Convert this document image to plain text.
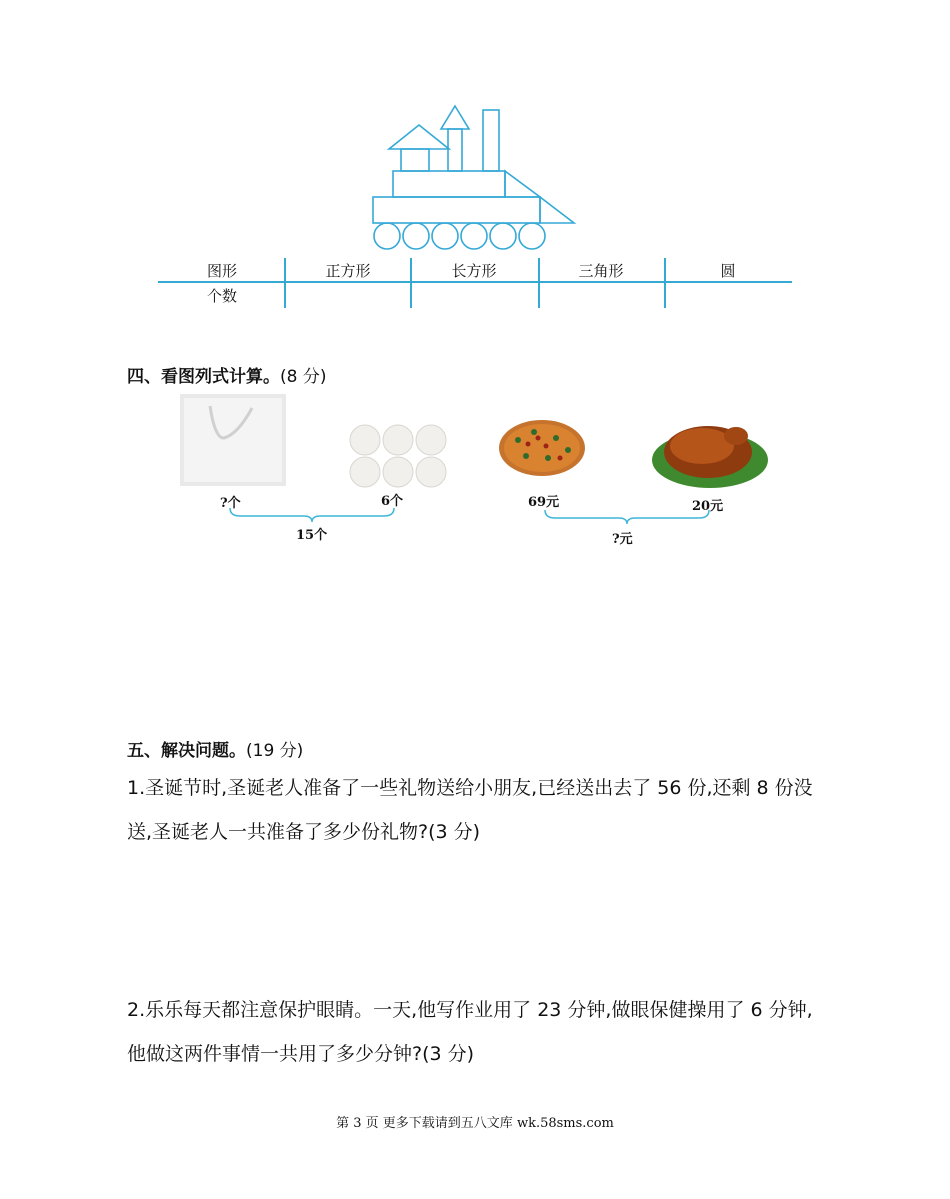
图形	正方形	长方形	三角形	圆
个数
四、看图列式计算。(8 分)
?个	6个
15个
69元	20元
?元
五、解决问题。(19 分)
1.圣诞节时,圣诞老人准备了一些礼物送给小朋友,已经送出去了 56 份,还剩 8 份没
送,圣诞老人一共准备了多少份礼物?(3 分)
2.乐乐每天都注意保护眼睛。一天,他写作业用了 23 分钟,做眼保健操用了 6 分钟,
他做这两件事情一共用了多少分钟?(3 分)
第 3 页 更多下载请到五八文库 wk.58sms.com
